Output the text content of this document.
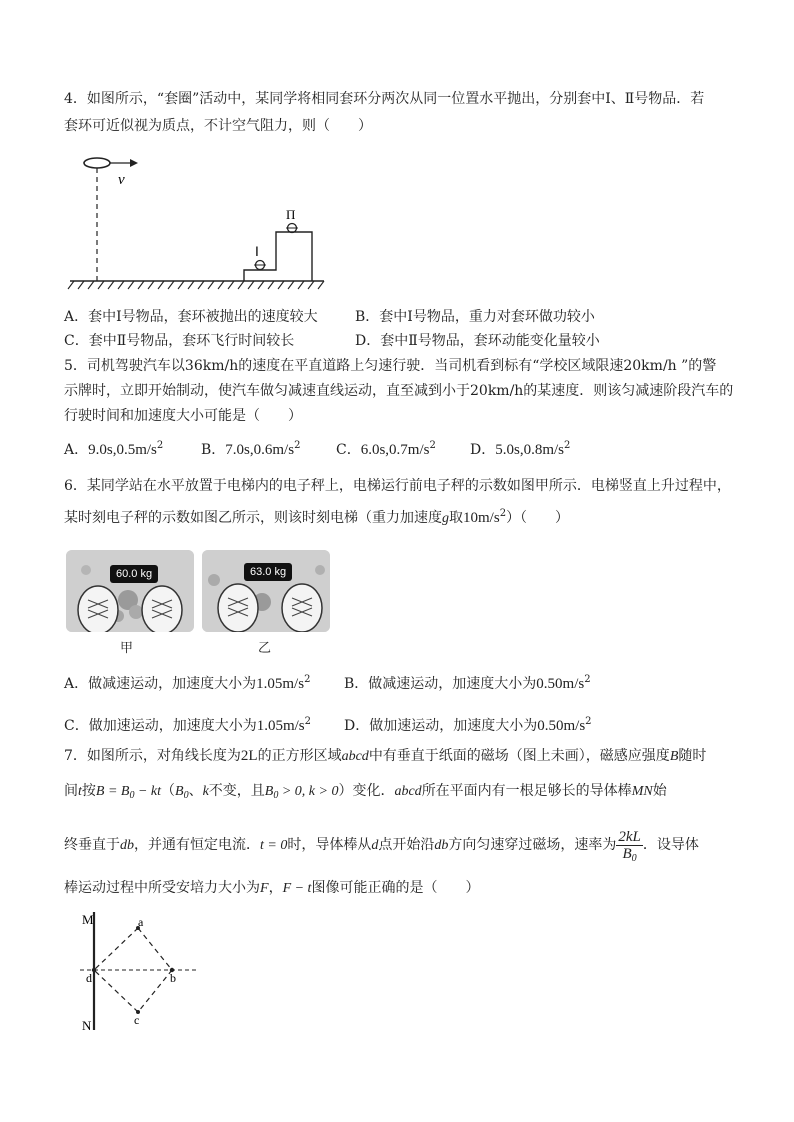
4．如图所示，“套圈”活动中，某同学将相同套环分两次从同一位置水平抛出，分别套中Ⅰ、Ⅱ号物品．若
套环可近似视为质点，不计空气阻力，则（　　）
v
Ⅰ
Π
A．套中Ⅰ号物品，套环被抛出的速度较大	B．套中Ⅰ号物品，重力对套环做功较小
C．套中Ⅱ号物品，套环飞行时间较长	D．套中Ⅱ号物品，套环动能变化量较小
5．司机驾驶汽车以36km/h的速度在平直道路上匀速行驶．当司机看到标有“学校区域限速20km/h ”的警
示牌时，立即开始制动，使汽车做匀减速直线运动，直至减到小于20km/h的某速度．则该匀减速阶段汽车的
行驶时间和加速度大小可能是（　　）
A．$9.0s,0.5m/s^2$	B．$7.0s,0.6m/s^2$	C．$6.0s,0.7m/s^2$ D．$5.0s,0.8m/s^2$
6．某同学站在水平放置于电梯内的电子秤上，电梯运行前电子秤的示数如图甲所示．电梯竖直上升过程中，
某时刻电子秤的示数如图乙所示，则该时刻电梯（重力加速度g取$10m/s^2$）（　　）
60.0 kg
甲
63.0 kg
乙
A．做减速运动，加速度大小为$1.05m/s^2$ B．做减速运动，加速度大小为$0.50m/s^2$
C．做加速运动，加速度大小为$1.05m/s^2$ D．做加速运动，加速度大小为$0.50m/s^2$
7．如图所示，对角线长度为2L的正方形区域abcd中有垂直于纸面的磁场（图上未画），磁感应强度B随时
间t按$B = B_0 - kt(B_0$、k不变，且$B_0 > 0$, k > 0）变化．abcd所在平面内有一根足够长的导体棒MN始
终垂直于db，并通有恒定电流．t = 0时，导体棒从d点开始沿db方向匀速穿过磁场，速率为 $\frac{2kL}{B_0}$ ．设导体
棒运动过程中所受安培力大小为F，F − t图像可能正确的是（　　）
M
N
a
b
c
d
